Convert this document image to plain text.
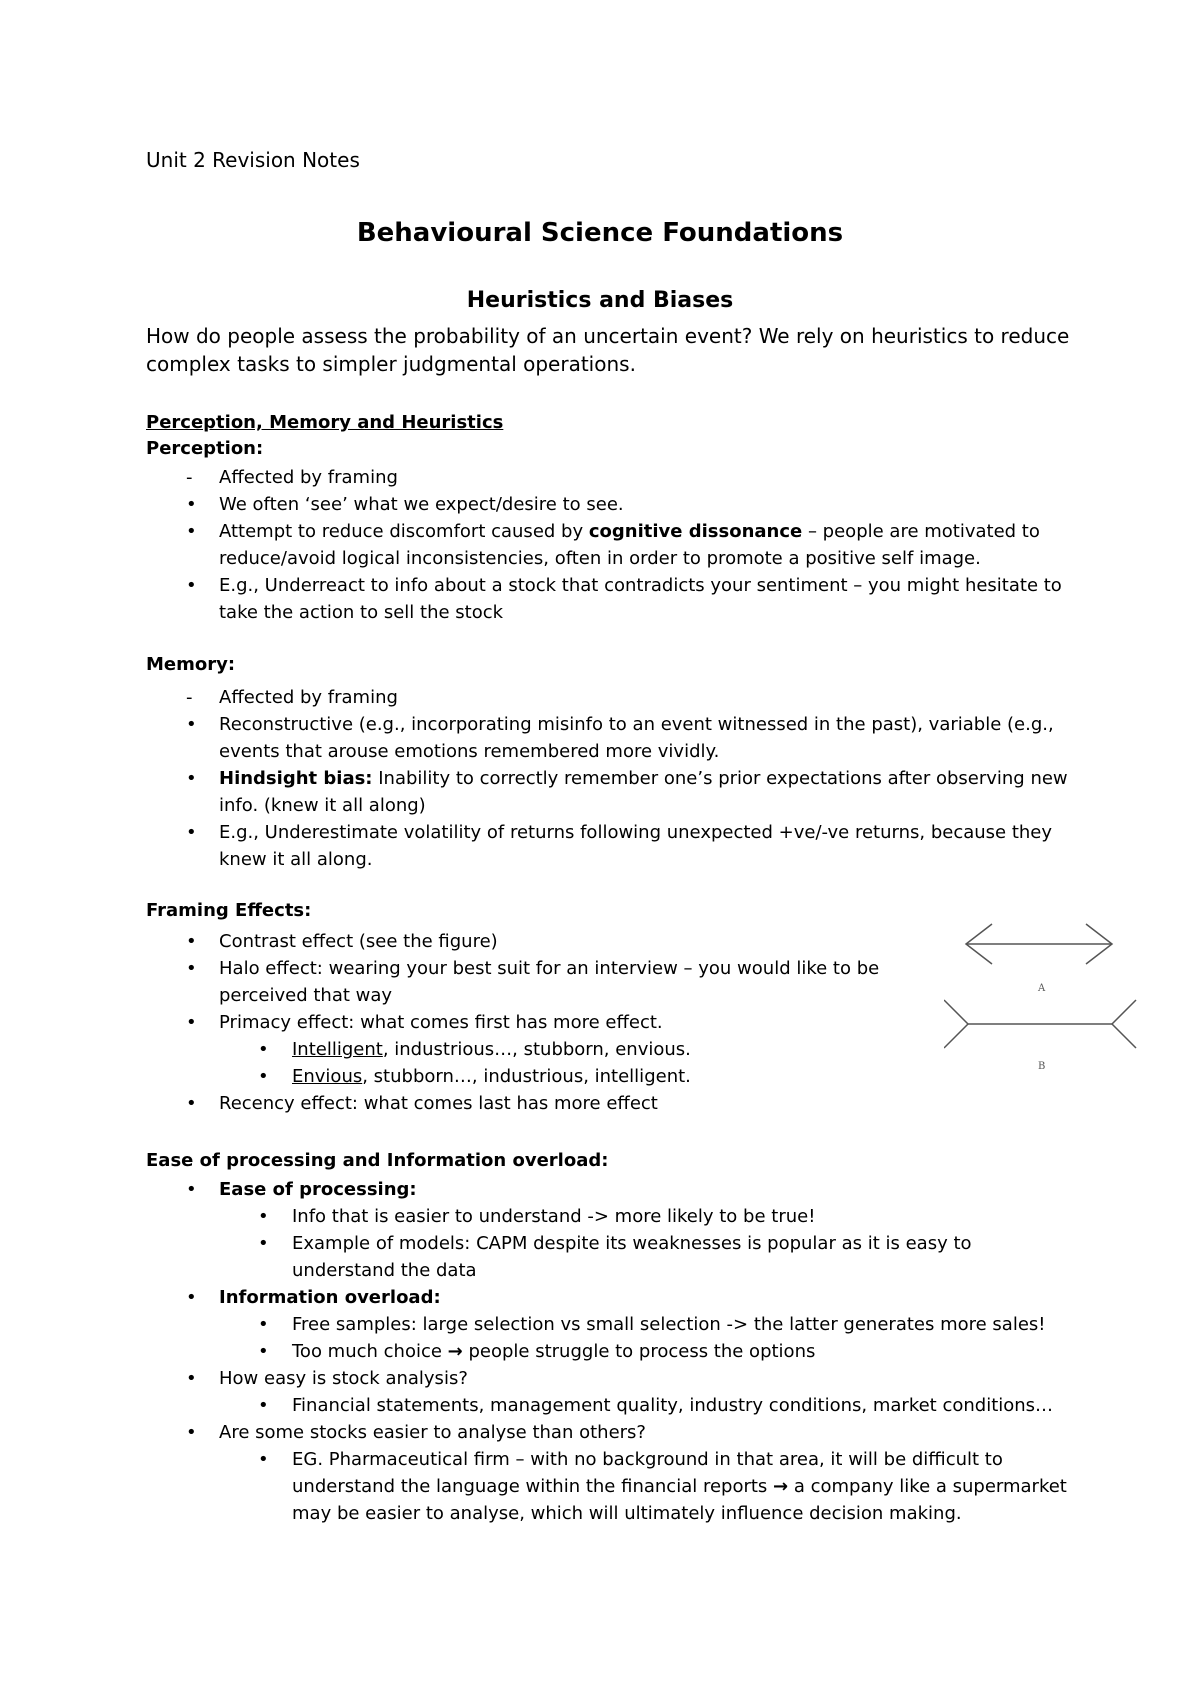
Unit 2 Revision Notes
Behavioural Science Foundations
Heuristics and Biases
How do people assess the probability of an uncertain event? We rely on heuristics to reduce complex tasks to simpler judgmental operations.
Perception, Memory and Heuristics
Perception:
-	Affected by framing
•	We often ‘see’ what we expect/desire to see.
•	Attempt to reduce discomfort caused by cognitive dissonance – people are motivated to reduce/avoid logical inconsistencies, often in order to promote a positive self image.
•	E.g., Underreact to info about a stock that contradicts your sentiment – you might hesitate to take the action to sell the stock
Memory:
-	Affected by framing
•	Reconstructive (e.g., incorporating misinfo to an event witnessed in the past), variable (e.g., events that arouse emotions remembered more vividly.
•	Hindsight bias: Inability to correctly remember one’s prior expectations after observing new info. (knew it all along)
•	E.g., Underestimate volatility of returns following unexpected +ve/-ve returns, because they knew it all along.
Framing Effects:
•	Contrast effect (see the figure)
•	Halo effect: wearing your best suit for an interview – you would like to be perceived that way
•	Primacy effect: what comes first has more effect.
•	Intelligent, industrious…, stubborn, envious.
•	Envious, stubborn…, industrious, intelligent.
•	Recency effect: what comes last has more effect
A
B
Ease of processing and Information overload:
•	Ease of processing:
•	Info that is easier to understand -> more likely to be true!
•	Example of models: CAPM despite its weaknesses is popular as it is easy to understand the data
•	Information overload:
•	Free samples: large selection vs small selection -> the latter generates more sales!
•	Too much choice → people struggle to process the options
•	How easy is stock analysis?
•	Financial statements, management quality, industry conditions, market conditions…
•	Are some stocks easier to analyse than others?
•	EG. Pharmaceutical firm – with no background in that area, it will be difficult to understand the language within the financial reports → a company like a supermarket may be easier to analyse, which will ultimately influence decision making.
